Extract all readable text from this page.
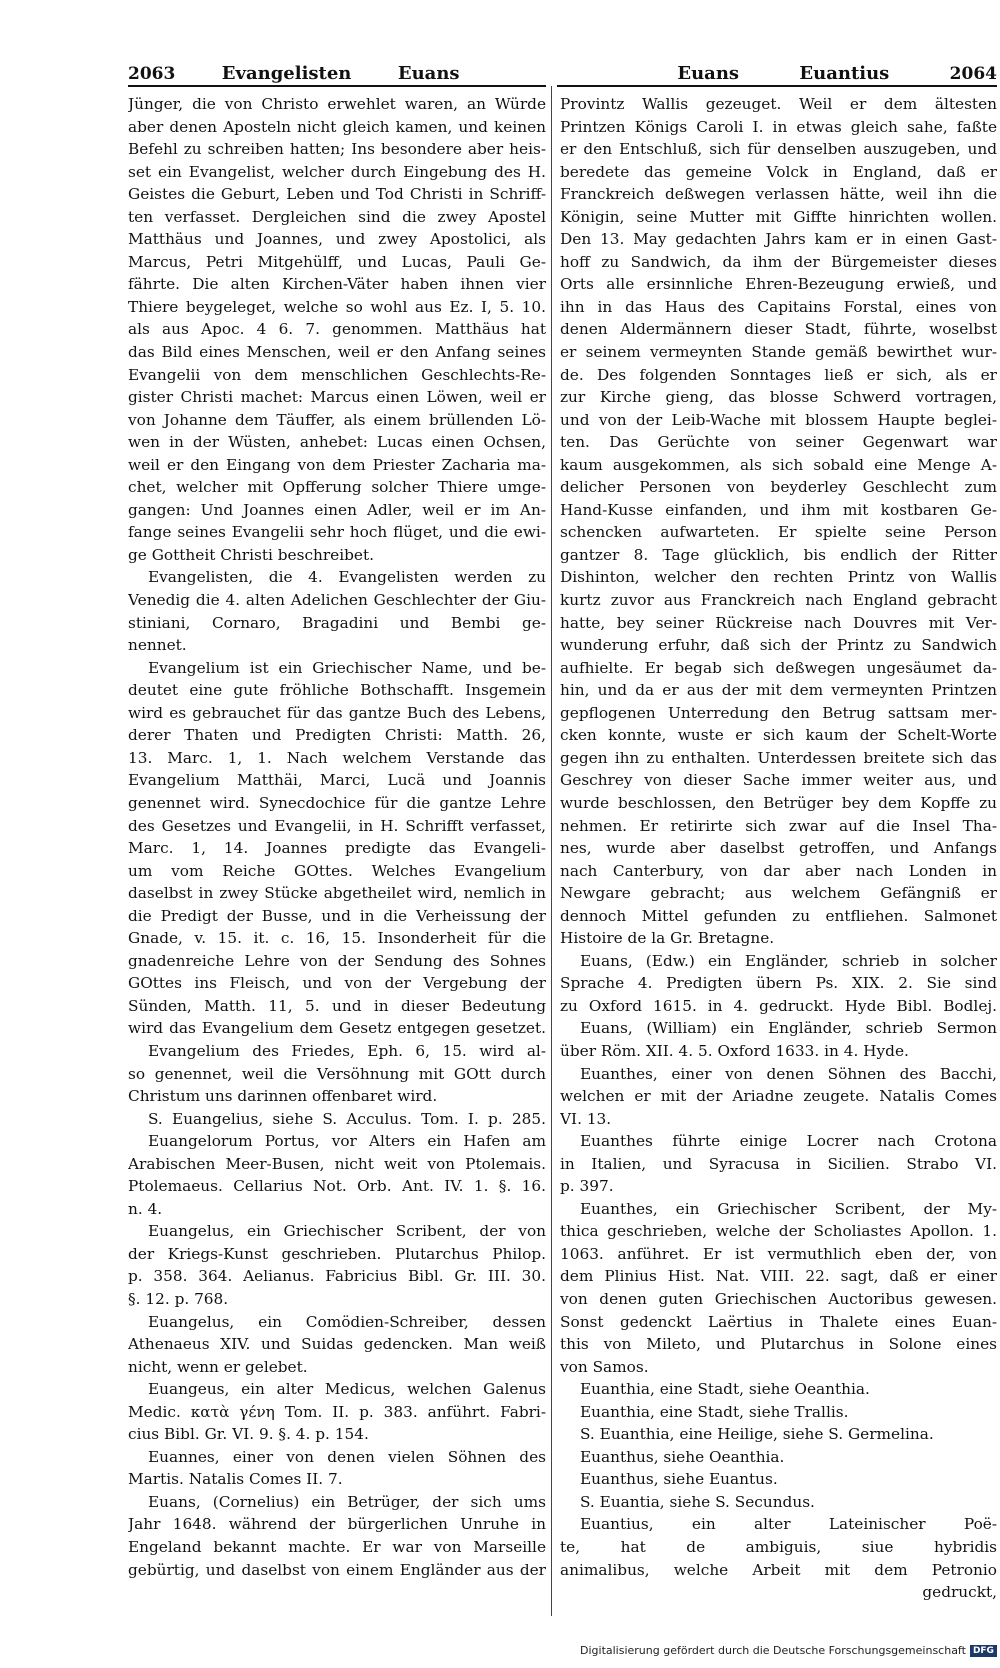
2063	Evangelisten	Euans	Euans	Euantius	2064
Jünger, die von Christo erwehlet waren, an Würde
aber denen Aposteln nicht gleich kamen, und keinen
Befehl zu schreiben hatten; Ins besondere aber heis-
set ein Evangelist, welcher durch Eingebung des H.
Geistes die Geburt, Leben und Tod Christi in Schriff-
ten verfasset. Dergleichen sind die zwey Apostel
Matthäus und Joannes, und zwey Apostolici, als
Marcus, Petri Mitgehülff, und Lucas, Pauli Ge-
fährte. Die alten Kirchen-Väter haben ihnen vier
Thiere beygeleget, welche so wohl aus Ez. I, 5. 10.
als aus Apoc. 4 6. 7. genommen. Matthäus hat
das Bild eines Menschen, weil er den Anfang seines
Evangelii von dem menschlichen Geschlechts-Re-
gister Christi machet: Marcus einen Löwen, weil er
von Johanne dem Täuffer, als einem brüllenden Lö-
wen in der Wüsten, anhebet: Lucas einen Ochsen,
weil er den Eingang von dem Priester Zacharia ma-
chet, welcher mit Opfferung solcher Thiere umge-
gangen: Und Joannes einen Adler, weil er im An-
fange seines Evangelii sehr hoch flüget, und die ewi-
ge Gottheit Christi beschreibet.
Evangelisten, die 4. Evangelisten werden zu
Venedig die 4. alten Adelichen Geschlechter der Giu-
stiniani, Cornaro, Bragadini und Bembi ge-
nennet.
Evangelium ist ein Griechischer Name, und be-
deutet eine gute fröhliche Bothschafft. Insgemein
wird es gebrauchet für das gantze Buch des Lebens,
derer Thaten und Predigten Christi: Matth. 26,
13. Marc. 1, 1. Nach welchem Verstande das
Evangelium Matthäi, Marci, Lucä und Joannis
genennet wird. Synecdochice für die gantze Lehre
des Gesetzes und Evangelii, in H. Schrifft verfasset,
Marc. 1, 14. Joannes predigte das Evangeli-
um vom Reiche GOttes. Welches Evangelium
daselbst in zwey Stücke abgetheilet wird, nemlich in
die Predigt der Busse, und in die Verheissung der
Gnade, v. 15. it. c. 16, 15. Insonderheit für die
gnadenreiche Lehre von der Sendung des Sohnes
GOttes ins Fleisch, und von der Vergebung der
Sünden, Matth. 11, 5. und in dieser Bedeutung
wird das Evangelium dem Gesetz entgegen gesetzet.
Evangelium des Friedes, Eph. 6, 15. wird al-
so genennet, weil die Versöhnung mit GOtt durch
Christum uns darinnen offenbaret wird.
S. Euangelius, siehe S. Acculus. Tom. I. p. 285.
Euangelorum Portus, vor Alters ein Hafen am
Arabischen Meer-Busen, nicht weit von Ptolemais.
Ptolemaeus. Cellarius Not. Orb. Ant. IV. 1. §. 16.
n. 4.
Euangelus, ein Griechischer Scribent, der von
der Kriegs-Kunst geschrieben. Plutarchus Philop.
p. 358. 364. Aelianus. Fabricius Bibl. Gr. III. 30.
§. 12. p. 768.
Euangelus, ein Comödien-Schreiber, dessen
Athenaeus XIV. und Suidas gedencken. Man weiß
nicht, wenn er gelebet.
Euangeus, ein alter Medicus, welchen Galenus
Medic. κατὰ γένη Tom. II. p. 383. anführt. Fabri-
cius Bibl. Gr. VI. 9. §. 4. p. 154.
Euannes, einer von denen vielen Söhnen des
Martis. Natalis Comes II. 7.
Euans, (Cornelius) ein Betrüger, der sich ums
Jahr 1648. während der bürgerlichen Unruhe in
Engeland bekannt machte. Er war von Marseille
gebürtig, und daselbst von einem Engländer aus der
Provintz Wallis gezeuget. Weil er dem ältesten
Printzen Königs Caroli I. in etwas gleich sahe, faßte
er den Entschluß, sich für denselben auszugeben, und
beredete das gemeine Volck in England, daß er
Franckreich deßwegen verlassen hätte, weil ihn die
Königin, seine Mutter mit Giffte hinrichten wollen.
Den 13. May gedachten Jahrs kam er in einen Gast-
hoff zu Sandwich, da ihm der Bürgemeister dieses
Orts alle ersinnliche Ehren-Bezeugung erwieß, und
ihn in das Haus des Capitains Forstal, eines von
denen Aldermännern dieser Stadt, führte, woselbst
er seinem vermeynten Stande gemäß bewirthet wur-
de. Des folgenden Sonntages ließ er sich, als er
zur Kirche gieng, das blosse Schwerd vortragen,
und von der Leib-Wache mit blossem Haupte beglei-
ten. Das Gerüchte von seiner Gegenwart war
kaum ausgekommen, als sich sobald eine Menge A-
delicher Personen von beyderley Geschlecht zum
Hand-Kusse einfanden, und ihm mit kostbaren Ge-
schencken aufwarteten. Er spielte seine Person
gantzer 8. Tage glücklich, bis endlich der Ritter
Dishinton, welcher den rechten Printz von Wallis
kurtz zuvor aus Franckreich nach England gebracht
hatte, bey seiner Rückreise nach Douvres mit Ver-
wunderung erfuhr, daß sich der Printz zu Sandwich
aufhielte. Er begab sich deßwegen ungesäumet da-
hin, und da er aus der mit dem vermeynten Printzen
gepflogenen Unterredung den Betrug sattsam mer-
cken konnte, wuste er sich kaum der Schelt-Worte
gegen ihn zu enthalten. Unterdessen breitete sich das
Geschrey von dieser Sache immer weiter aus, und
wurde beschlossen, den Betrüger bey dem Kopffe zu
nehmen. Er retirirte sich zwar auf die Insel Tha-
nes, wurde aber daselbst getroffen, und Anfangs
nach Canterbury, von dar aber nach Londen in
Newgare gebracht; aus welchem Gefängniß er
dennoch Mittel gefunden zu entfliehen. Salmonet
Histoire de la Gr. Bretagne.
Euans, (Edw.) ein Engländer, schrieb in solcher
Sprache 4. Predigten übern Ps. XIX. 2. Sie sind
zu Oxford 1615. in 4. gedruckt. Hyde Bibl. Bodlej.
Euans, (William) ein Engländer, schrieb Sermon
über Röm. XII. 4. 5. Oxford 1633. in 4. Hyde.
Euanthes, einer von denen Söhnen des Bacchi,
welchen er mit der Ariadne zeugete. Natalis Comes
VI. 13.
Euanthes führte einige Locrer nach Crotona
in Italien, und Syracusa in Sicilien. Strabo VI.
p. 397.
Euanthes, ein Griechischer Scribent, der My-
thica geschrieben, welche der Scholiastes Apollon. 1.
1063. anführet. Er ist vermuthlich eben der, von
dem Plinius Hist. Nat. VIII. 22. sagt, daß er einer
von denen guten Griechischen Auctoribus gewesen.
Sonst gedenckt Laërtius in Thalete eines Euan-
this von Mileto, und Plutarchus in Solone eines
von Samos.
Euanthia, eine Stadt, siehe Oeanthia.
Euanthia, eine Stadt, siehe Trallis.
S. Euanthia, eine Heilige, siehe S. Germelina.
Euanthus, siehe Oeanthia.
Euanthus, siehe Euantus.
S. Euantia, siehe S. Secundus.
Euantius, ein alter Lateinischer Poë-
te, hat de ambiguis, siue hybridis
animalibus, welche Arbeit mit dem Petronio
gedruckt,
Digitalisierung gefördert durch die Deutsche Forschungsgemeinschaft DFG
